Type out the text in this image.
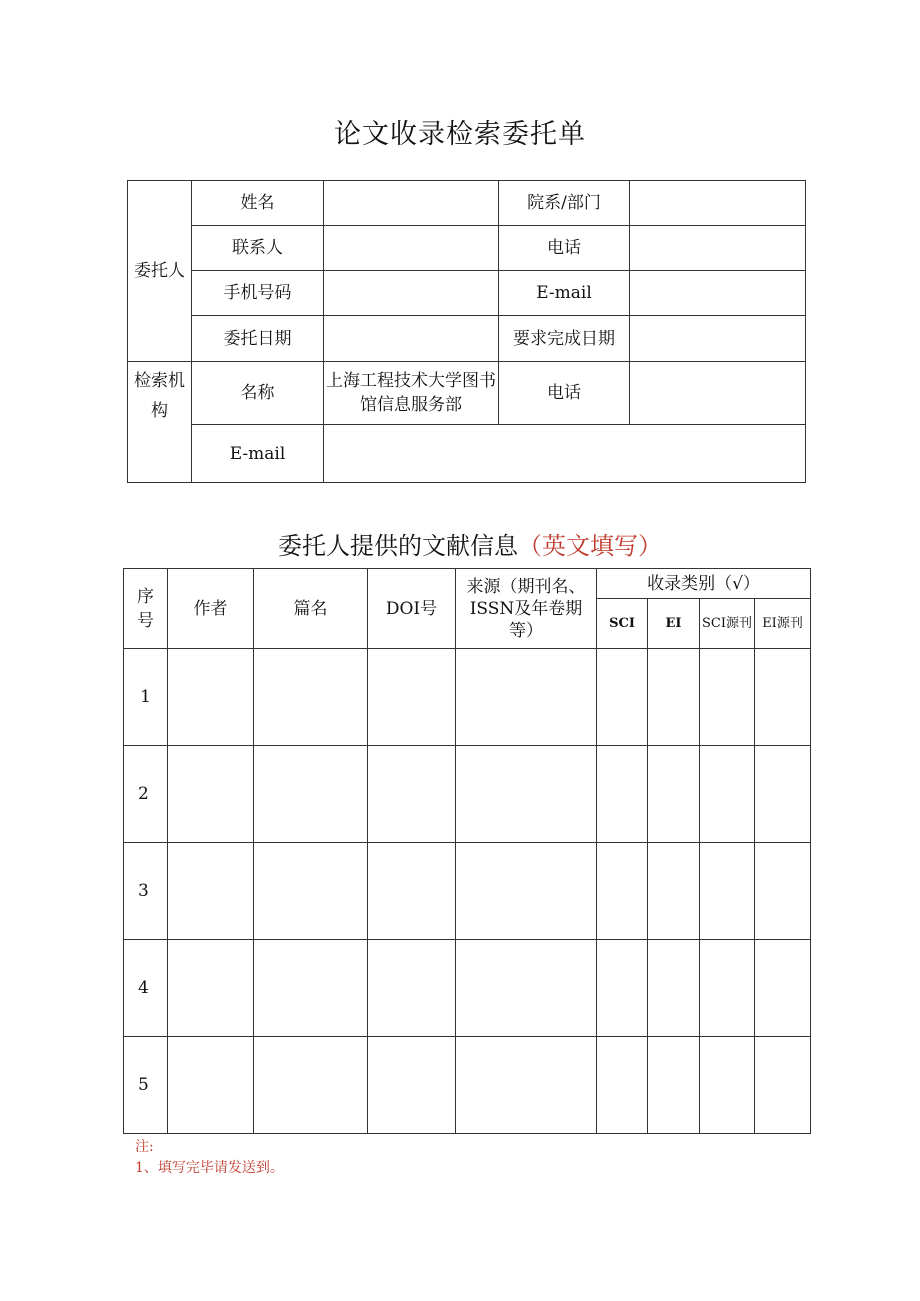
论文收录检索委托单
委托人	姓名		院系/部门	
	联系人		电话	
	手机号码		E-mail	
	委托日期		要求完成日期	
检索机构	名称	上海工程技术大学图书馆信息服务部	电话	
	E-mail			
委托人提供的文献信息（英文填写）
序号	作者	篇名	DOI号	来源（期刊名、ISSN及年卷期等）	收录类别（√）			
					SCI	EI	SCI源刊	EI源刊
1								
2								
3								
4								
5								
注:
1、填写完毕请发送到。
